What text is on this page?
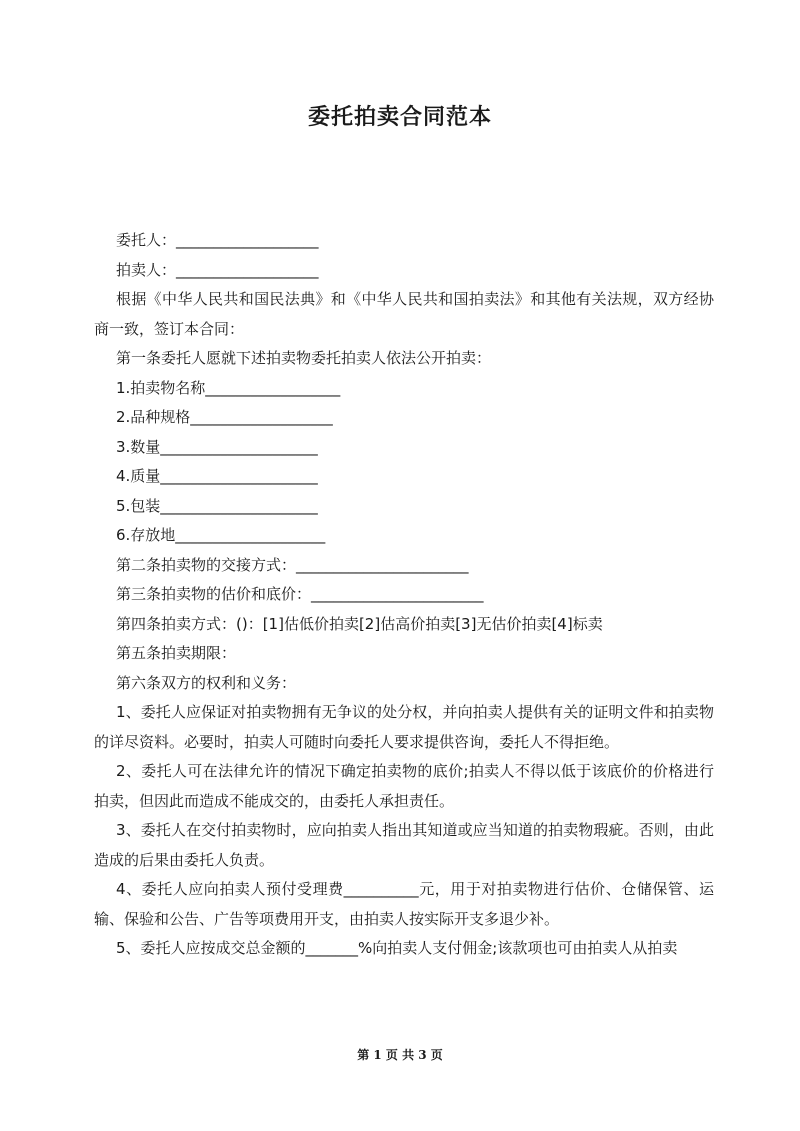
委托拍卖合同范本

委托人：___________________

拍卖人：___________________

根据《中华人民共和国民法典》和《中华人民共和国拍卖法》和其他有关法规，双方经协商一致，签订本合同：

第一条委托人愿就下述拍卖物委托拍卖人依法公开拍卖：

1.拍卖物名称__________________

2.品种规格___________________

3.数量_____________________

4.质量_____________________

5.包装_____________________

6.存放地____________________

第二条拍卖物的交接方式：_______________________

第三条拍卖物的估价和底价：_______________________

第四条拍卖方式：()：[1]估低价拍卖[2]估高价拍卖[3]无估价拍卖[4]标卖

第五条拍卖期限：

第六条双方的权利和义务：

1、委托人应保证对拍卖物拥有无争议的处分权，并向拍卖人提供有关的证明文件和拍卖物的详尽资料。必要时，拍卖人可随时向委托人要求提供咨询，委托人不得拒绝。

2、委托人可在法律允许的情况下确定拍卖物的底价;拍卖人不得以低于该底价的价格进行拍卖，但因此而造成不能成交的，由委托人承担责任。

3、委托人在交付拍卖物时，应向拍卖人指出其知道或应当知道的拍卖物瑕疵。否则，由此造成的后果由委托人负责。

4、委托人应向拍卖人预付受理费__________元，用于对拍卖物进行估价、仓储保管、运输、保验和公告、广告等项费用开支，由拍卖人按实际开支多退少补。

5、委托人应按成交总金额的_______%向拍卖人支付佣金;该款项也可由拍卖人从拍卖

第 1 页 共 3 页
